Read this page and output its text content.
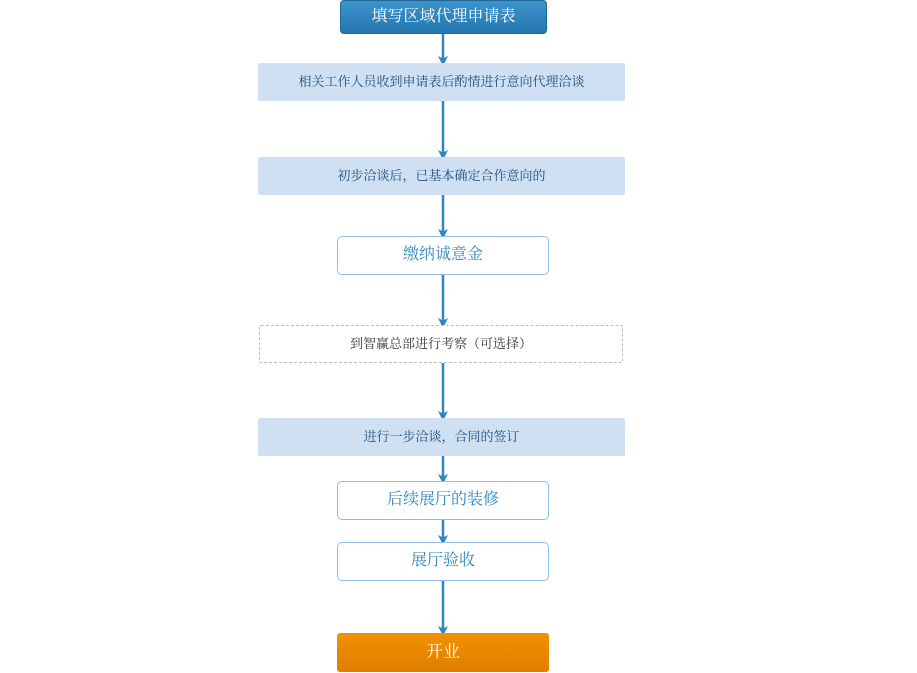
填写区域代理申请表
相关工作人员收到申请表后酌情进行意向代理洽谈
初步洽谈后，已基本确定合作意向的
缴纳诚意金
到智赢总部进行考察（可选择）
进行一步洽谈，合同的签订
后续展厅的装修
展厅验收
开业
